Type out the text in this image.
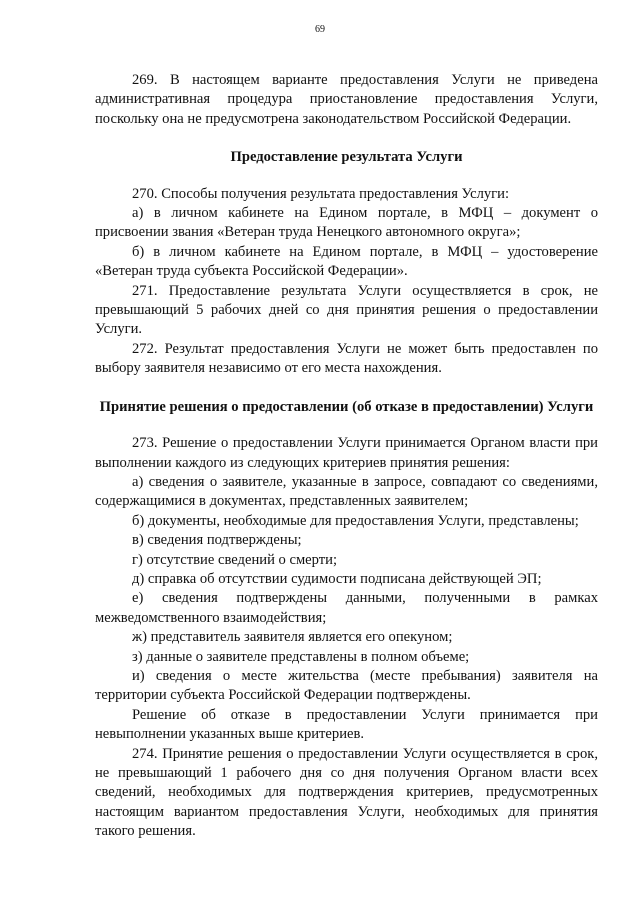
69

269. В настоящем варианте предоставления Услуги не приведена административная процедура приостановление предоставления Услуги, поскольку она не предусмотрена законодательством Российской Федерации.

Предоставление результата Услуги

270. Способы получения результата предоставления Услуги:

а) в личном кабинете на Едином портале, в МФЦ – документ о присвоении звания «Ветеран труда Ненецкого автономного округа»;

б) в личном кабинете на Едином портале, в МФЦ – удостоверение «Ветеран труда субъекта Российской Федерации».

271. Предоставление результата Услуги осуществляется в срок, не превышающий 5 рабочих дней со дня принятия решения о предоставлении Услуги.

272. Результат предоставления Услуги не может быть предоставлен по выбору заявителя независимо от его места нахождения.

Принятие решения о предоставлении (об отказе в предоставлении) Услуги

273. Решение о предоставлении Услуги принимается Органом власти при выполнении каждого из следующих критериев принятия решения:

а) сведения о заявителе, указанные в запросе, совпадают со сведениями, содержащимися в документах, представленных заявителем;

б) документы, необходимые для предоставления Услуги, представлены;

в) сведения подтверждены;

г) отсутствие сведений о смерти;

д) справка об отсутствии судимости подписана действующей ЭП;

е) сведения подтверждены данными, полученными в рамках межведомственного взаимодействия;

ж) представитель заявителя является его опекуном;

з) данные о заявителе представлены в полном объеме;

и) сведения о месте жительства (месте пребывания) заявителя на территории субъекта Российской Федерации подтверждены.

Решение об отказе в предоставлении Услуги принимается при невыполнении указанных выше критериев.

274. Принятие решения о предоставлении Услуги осуществляется в срок, не превышающий 1 рабочего дня со дня получения Органом власти всех сведений, необходимых для подтверждения критериев, предусмотренных настоящим вариантом предоставления Услуги, необходимых для принятия такого решения.
